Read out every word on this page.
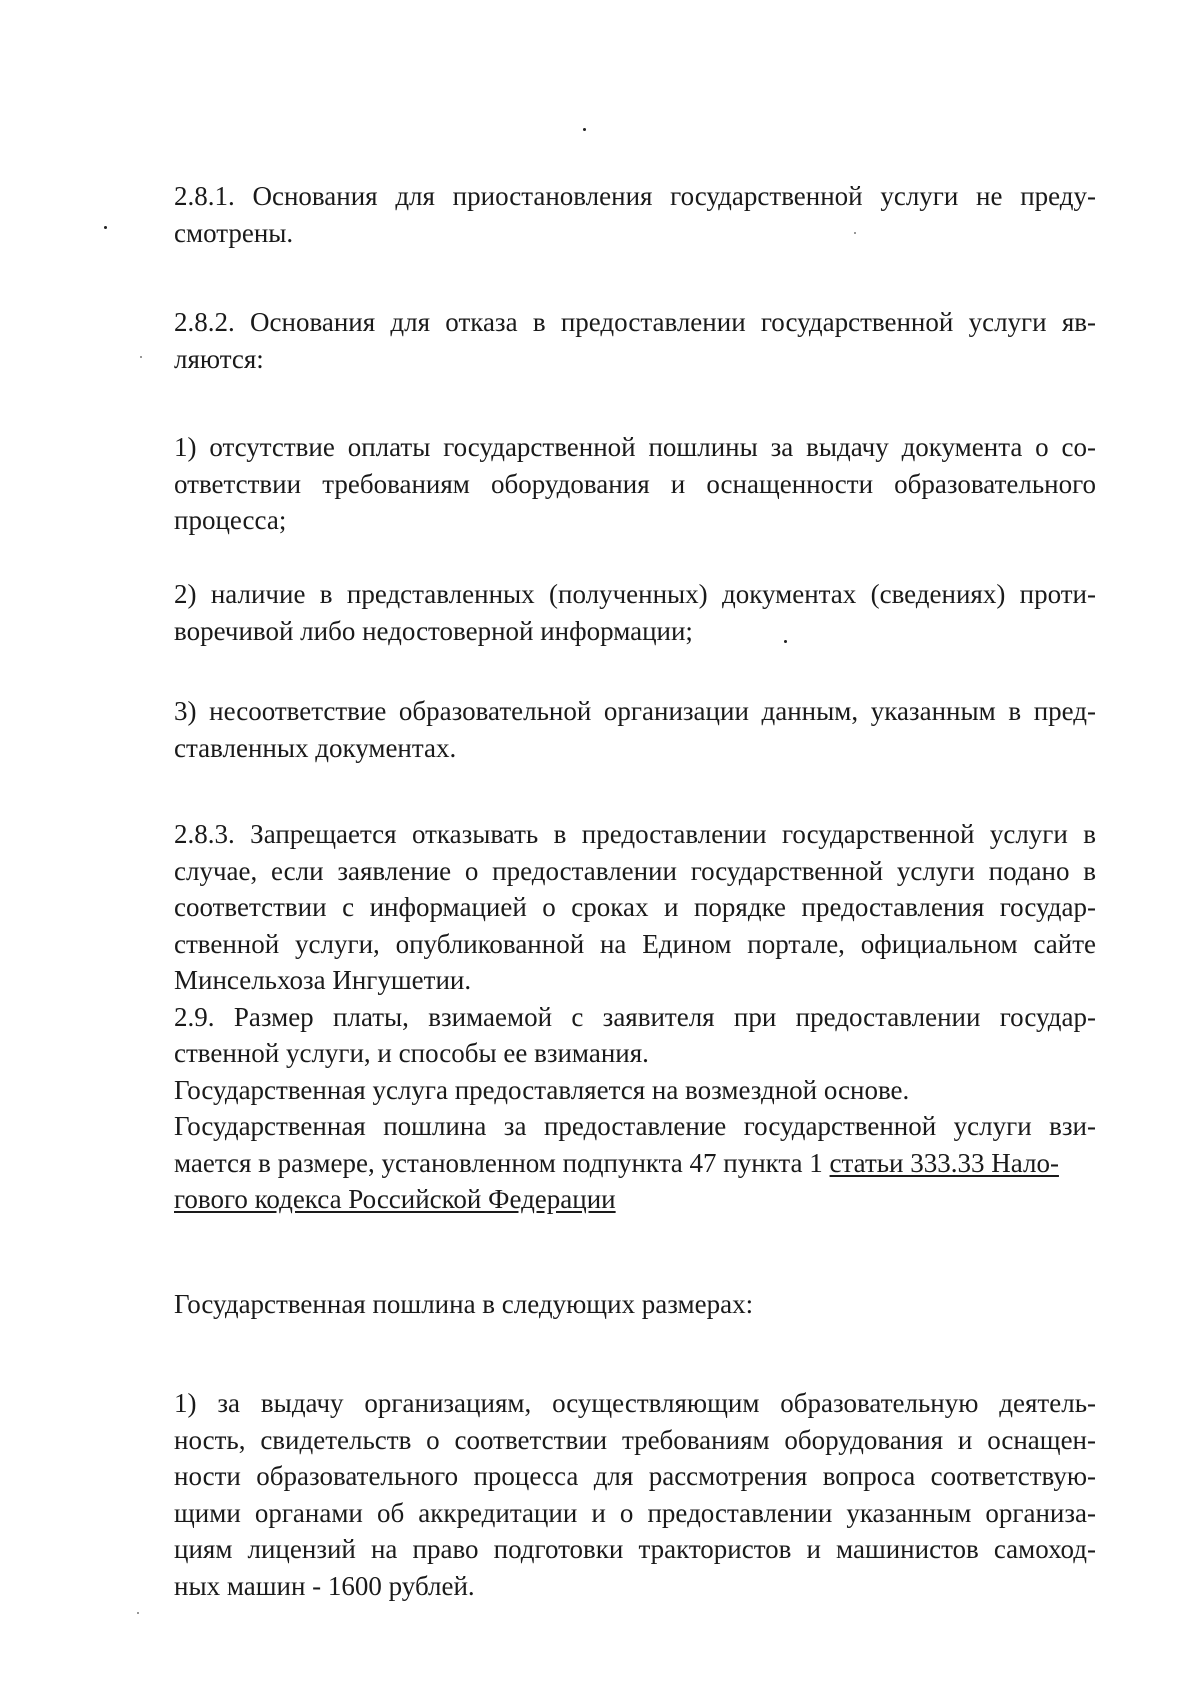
2.8.1. Основания для приостановления государственной услуги не преду-
смотрены.

2.8.2. Основания для отказа в предоставлении государственной услуги яв-
ляются:

1) отсутствие оплаты государственной пошлины за выдачу документа о со-
ответствии требованиям оборудования и оснащенности образовательного
процесса;

2) наличие в представленных (полученных) документах (сведениях) проти-
воречивой либо недостоверной информации;

3) несоответствие образовательной организации данным, указанным в пред-
ставленных документах.

2.8.3. Запрещается отказывать в предоставлении государственной услуги в
случае, если заявление о предоставлении государственной услуги подано в
соответствии с информацией о сроках и порядке предоставления государ-
ственной услуги, опубликованной на Едином портале, официальном сайте
Минсельхоза Ингушетии.
2.9. Размер платы, взимаемой с заявителя при предоставлении государ-
ственной услуги, и способы ее взимания.
Государственная услуга предоставляется на возмездной основе.
Государственная пошлина за предоставление государственной услуги взи-
мается в размере, установленном подпункта 47 пункта 1 статьи 333.33 Нало-
гового кодекса Российской Федерации

Государственная пошлина в следующих размерах:

1) за выдачу организациям, осуществляющим образовательную деятель-
ность, свидетельств о соответствии требованиям оборудования и оснащен-
ности образовательного процесса для рассмотрения вопроса соответствую-
щими органами об аккредитации и о предоставлении указанным организа-
циям лицензий на право подготовки трактористов и машинистов самоход-
ных машин - 1600 рублей.
